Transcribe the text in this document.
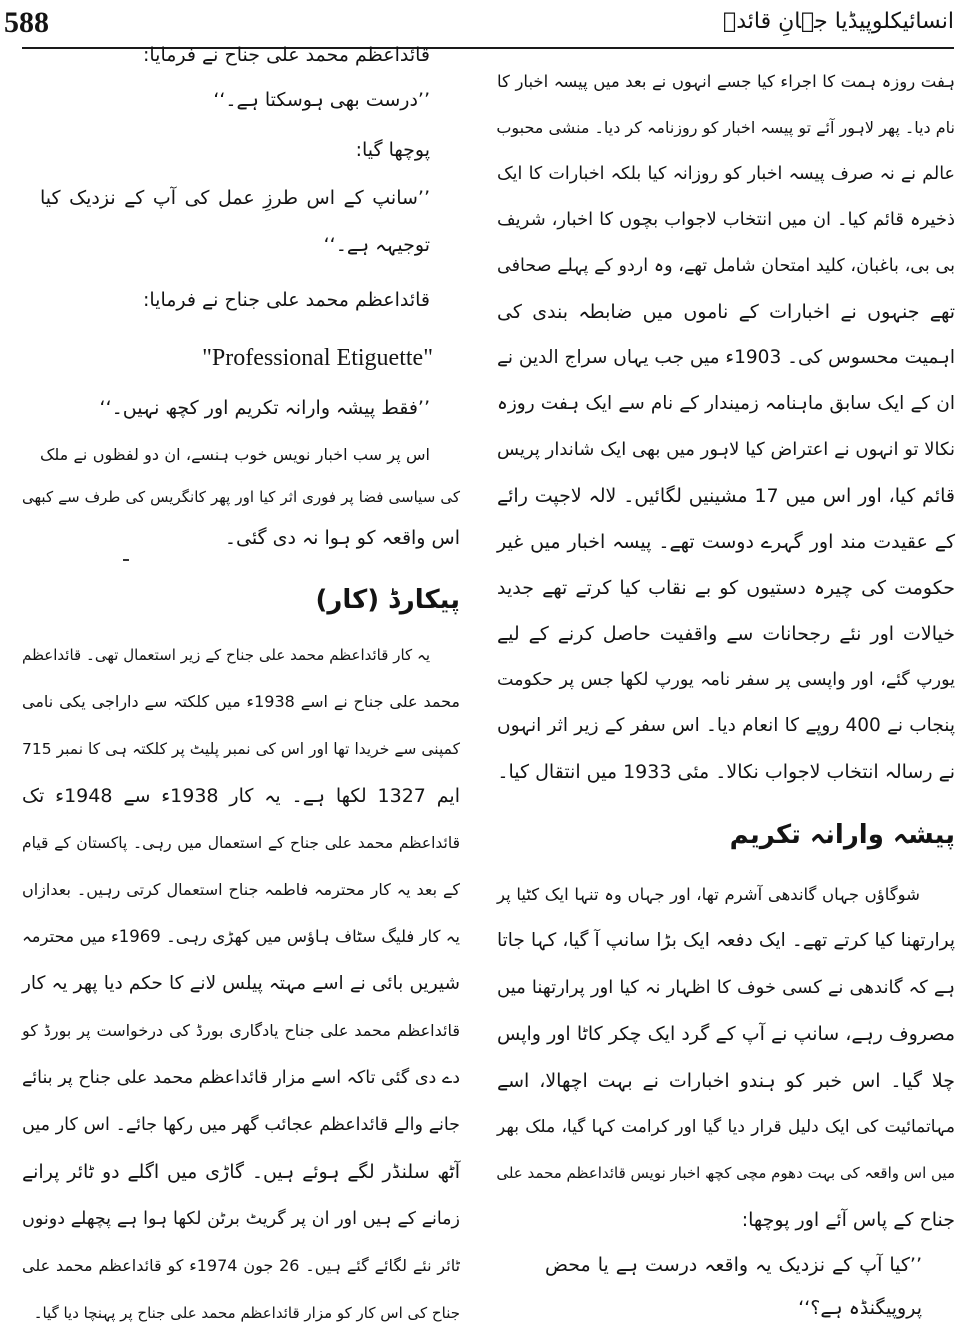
588	انسائیکلوپیڈیا جہانِ قائدؒ
ہفت روزہ ہمت کا اجراء کیا جسے انہوں نے بعد میں پیسہ اخبار کا
نام دیا۔ پھر لاہور آئے تو پیسہ اخبار کو روزنامہ کر دیا۔ منشی محبوب
عالم نے نہ صرف پیسہ اخبار کو روزانہ کیا بلکہ اخبارات کا ایک
ذخیرہ قائم کیا۔ ان میں انتخاب لاجواب بچوں کا اخبار، شریف
بی بی، باغبان، کلید امتحان شامل تھے، وہ اردو کے پہلے صحافی
تھے جنہوں نے اخبارات کے ناموں میں ضابطہ بندی کی
اہمیت محسوس کی۔ 1903ء میں جب یہاں سراج الدین نے
ان کے ایک سابق ماہنامہ زمیندار کے نام سے ایک ہفت روزہ
نکالا تو انہوں نے اعتراض کیا لاہور میں بھی ایک شاندار پریس
قائم کیا، اور اس میں 17 مشینیں لگائیں۔ لالہ لاجپت رائے
کے عقیدت مند اور گہرے دوست تھے۔ پیسہ اخبار میں غیر
حکومت کی چیرہ دستیوں کو بے نقاب کیا کرتے تھے جدید
خیالات اور نئے رجحانات سے واقفیت حاصل کرنے کے لیے
یورپ گئے، اور واپسی پر سفر نامہ یورپ لکھا جس پر حکومت
پنجاب نے 400 روپے کا انعام دیا۔ اس سفر کے زیر اثر انہوں
نے رسالہ انتخاب لاجواب نکالا۔ مئی 1933 میں انتقال کیا۔
پیشہ وارانہ تکریم
شوگاؤں جہاں گاندھی آشرم تھا، اور جہاں وہ تنہا ایک کٹیا پر
پرارتھنا کیا کرتے تھے۔ ایک دفعہ ایک بڑا سانپ آ گیا، کہا جاتا
ہے کہ گاندھی نے کسی خوف کا اظہار نہ کیا اور پرارتھنا میں
مصروف رہے، سانپ نے آپ کے گرد ایک چکر کاٹا اور واپس
چلا گیا۔ اس خبر کو ہندو اخبارات نے بہت اچھالا، اسے
مہاتمائیت کی ایک دلیل قرار دیا گیا اور کرامت کہا گیا، ملک بھر
میں اس واقعہ کی بہت دھوم مچی کچھ اخبار نویس قائداعظم محمد علی
جناح کے پاس آئے اور پوچھا:
’’کیا آپ کے نزدیک یہ واقعہ درست ہے یا محض
پروپیگنڈہ ہے؟‘‘
قائداعظم محمد علی جناح نے فرمایا:
’’درست بھی ہوسکتا ہے۔‘‘
پوچھا گیا:
’’سانپ کے اس طرزِ عمل کی آپ کے نزدیک کیا
توجیہہ ہے۔‘‘
قائداعظم محمد علی جناح نے فرمایا:
"Professional Etiguette"
’’فقط پیشہ وارانہ تکریم اور کچھ نہیں۔‘‘
اس پر سب اخبار نویس خوب ہنسے، ان دو لفظوں نے ملک
کی سیاسی فضا پر فوری اثر کیا اور پھر کانگریس کی طرف سے کبھی
اس واقعہ کو ہوا نہ دی گئی۔
پیکارڈ (کار)
یہ کار قائداعظم محمد علی جناح کے زیر استعمال تھی۔ قائداعظم
محمد علی جناح نے اسے 1938ء میں کلکتہ سے داراجی یکی نامی
کمپنی سے خریدا تھا اور اس کی نمبر پلیٹ پر کلکتہ ہی کا نمبر 715
ایم 1327 لکھا ہے۔ یہ کار 1938ء سے 1948ء تک
قائداعظم محمد علی جناح کے استعمال میں رہی۔ پاکستان کے قیام
کے بعد یہ کار محترمہ فاطمہ جناح استعمال کرتی رہیں۔ بعدازاں
یہ کار فلیگ سٹاف ہاؤس میں کھڑی رہی۔ 1969ء میں محترمہ
شیریں بائی نے اسے مہتہ پیلس لانے کا حکم دیا پھر یہ کار
قائداعظم محمد علی جناح یادگاری بورڈ کی درخواست پر بورڈ کو
دے دی گئی تاکہ اسے مزار قائداعظم محمد علی جناح پر بنائے
جانے والے قائداعظم عجائب گھر میں رکھا جائے۔ اس کار میں
آٹھ سلنڈر لگے ہوئے ہیں۔ گاڑی میں اگلے دو ٹائر پرانے
زمانے کے ہیں اور ان پر گریٹ برٹن لکھا ہوا ہے پچھلے دونوں
ٹائر نئے لگائے گئے ہیں۔ 26 جون 1974ء کو قائداعظم محمد علی
جناح کی اس کار کو مزار قائداعظم محمد علی جناح پر پہنچا دیا گیا۔
